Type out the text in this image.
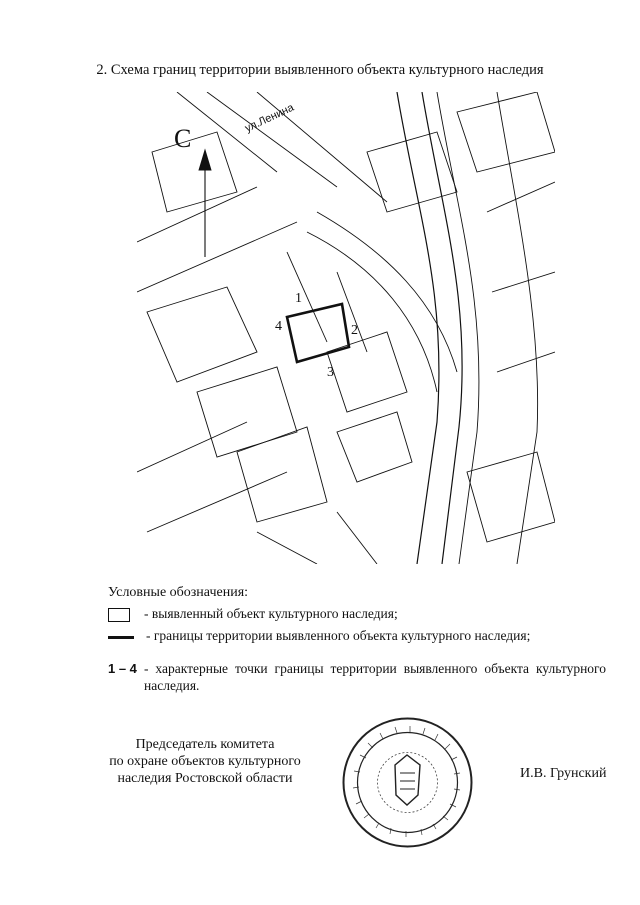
2. Схема границ территории выявленного объекта культурного наследия
С
ул.Ленина
4
1
2
3
Условные обозначения:
- выявленный объект культурного наследия;
- границы территории выявленного объекта культурного наследия;
1 – 4 - характерные точки границы территории выявленного объекта культурного наследия.
Председатель комитета
по охране объектов культурного
наследия Ростовской области	И.В. Грунский
